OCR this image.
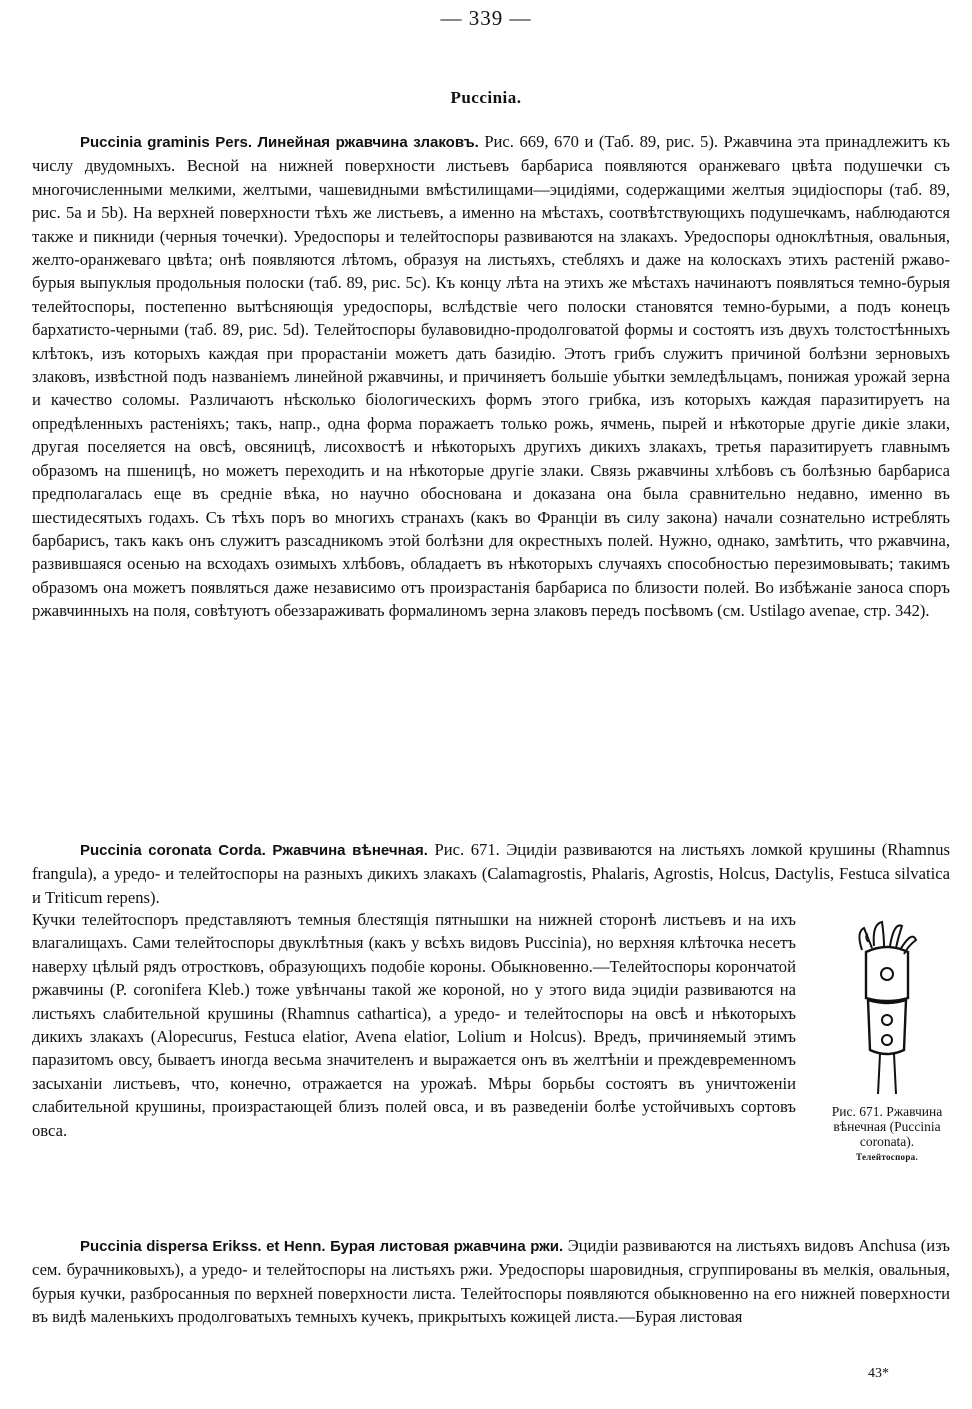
— 339 —
Puccinia.

Puccinia graminis Pers. Линейная ржавчина злаковъ. Рис. 669, 670 и (Таб. 89, рис. 5). Ржавчина эта принадлежитъ къ числу двудомныхъ. Весной на нижней поверхности листьевъ барбариса появляются оранжеваго цвѣта подушечки съ многочисленными мелкими, желтыми, чашевидными вмѣстилищами—эцидіями, содержащими желтыя эцидіоспоры (таб. 89, рис. 5а и 5b). На верхней поверхности тѣхъ же листьевъ, а именно на мѣстахъ, соотвѣтствующихъ подушечкамъ, наблюдаются также и пикниди (черныя точечки). Уредоспоры и телейтоспоры развиваются на злакахъ. Уредоспоры одноклѣтныя, овальныя, желто-оранжеваго цвѣта; онѣ появляются лѣтомъ, образуя на листьяхъ, стебляхъ и даже на колоскахъ этихъ растеній ржаво-бурыя выпуклыя продольныя полоски (таб. 89, рис. 5с). Къ концу лѣта на этихъ же мѣстахъ начинаютъ появляться темно-бурыя телейтоспоры, постепенно вытѣсняющія уредоспоры, вслѣдствіе чего полоски становятся темно-бурыми, а подъ конецъ бархатисто-черными (таб. 89, рис. 5d). Телейтоспоры булавовидно-продолговатой формы и состоятъ изъ двухъ толстостѣнныхъ клѣтокъ, изъ которыхъ каждая при прорастаніи можетъ дать базидію. Этотъ грибъ служитъ причиной болѣзни зерновыхъ злаковъ, извѣстной подъ названіемъ линейной ржавчины, и причиняетъ большіе убытки земледѣльцамъ, понижая урожай зерна и качество соломы. Различаютъ нѣсколько біологическихъ формъ этого грибка, изъ которыхъ каждая паразитируетъ на опредѣленныхъ растеніяхъ; такъ, напр., одна форма поражаетъ только рожь, ячмень, пырей и нѣкоторые другіе дикіе злаки, другая поселяется на овсѣ, овсяницѣ, лисохвостѣ и нѣкоторыхъ другихъ дикихъ злакахъ, третья паразитируетъ главнымъ образомъ на пшеницѣ, но можетъ переходить и на нѣкоторые другіе злаки. Связь ржавчины хлѣбовъ съ болѣзнью барбариса предполагалась еще въ средніе вѣка, но научно обоснована и доказана она была сравнительно недавно, именно въ шестидесятыхъ годахъ. Съ тѣхъ поръ во многихъ странахъ (какъ во Франціи въ силу закона) начали сознательно истреблять барбарисъ, такъ какъ онъ служитъ разсадникомъ этой болѣзни для окрестныхъ полей. Нужно, однако, замѣтить, что ржавчина, развившаяся осенью на всходахъ озимыхъ хлѣбовъ, обладаетъ въ нѣкоторыхъ случаяхъ способностью перезимовывать; такимъ образомъ она можетъ появляться даже независимо отъ произрастанія барбариса по близости полей. Во избѣжаніе заноса споръ ржавчинныхъ на поля, совѣтуютъ обеззараживать формалиномъ зерна злаковъ передъ посѣвомъ (см. Ustilago avenae, стр. 342).

Puccinia coronata Corda. Ржавчина вѣнечная. Рис. 671. Эцидіи развиваются на листьяхъ ломкой крушины (Rhamnus frangula), а уредо- и телейтоспоры на разныхъ дикихъ злакахъ (Calamagrostis, Phalaris, Agrostis, Holcus, Dactylis, Festuca silvatica и Triticum repens).

Кучки телейтоспоръ представляютъ темныя блестящія пятнышки на нижней сторонѣ листьевъ и на ихъ влагалищахъ. Сами телейтоспоры двуклѣтныя (какъ у всѣхъ видовъ Puccinia), но верхняя клѣточка несетъ наверху цѣлый рядъ отростковъ, образующихъ подобіе короны. Обыкновенно.—Телейтоспоры корончатой ржавчины (P. coronifera Kleb.) тоже увѣнчаны такой же короной, но у этого вида эцидіи развиваются на листьяхъ слабительной крушины (Rhamnus cathartica), а уредо- и телейтоспоры на овсѣ и нѣкоторыхъ дикихъ злакахъ (Alopecurus, Festuca elatior, Avena elatior, Lolium и Holcus). Вредъ, причиняемый этимъ паразитомъ овсу, бываетъ иногда весьма значителенъ и выражается онъ въ желтѣніи и преждевременномъ засыханіи листьевъ, что, конечно, отражается на урожаѣ. Мѣры борьбы состоятъ въ уничтоженіи слабительной крушины, произрастающей близъ полей овса, и въ разведеніи болѣе устойчивыхъ сортовъ овса.

Рис. 671. Ржавчина вѣнечная (Puccinia coronata).
Телейтоспора.

Puccinia dispersa Erikss. et Henn. Бурая листовая ржавчина ржи. Эцидіи развиваются на листьяхъ видовъ Anchusa (изъ сем. бурачниковыхъ), а уредо- и телейтоспоры на листьяхъ ржи. Уредоспоры шаровидныя, сгруппированы въ мелкія, овальныя, бурыя кучки, разбросанныя по верхней поверхности листа. Телейтоспоры появляются обыкновенно на его нижней поверхности въ видѣ маленькихъ продолговатыхъ темныхъ кучекъ, прикрытыхъ кожицей листа.—Бурая листовая

43*
